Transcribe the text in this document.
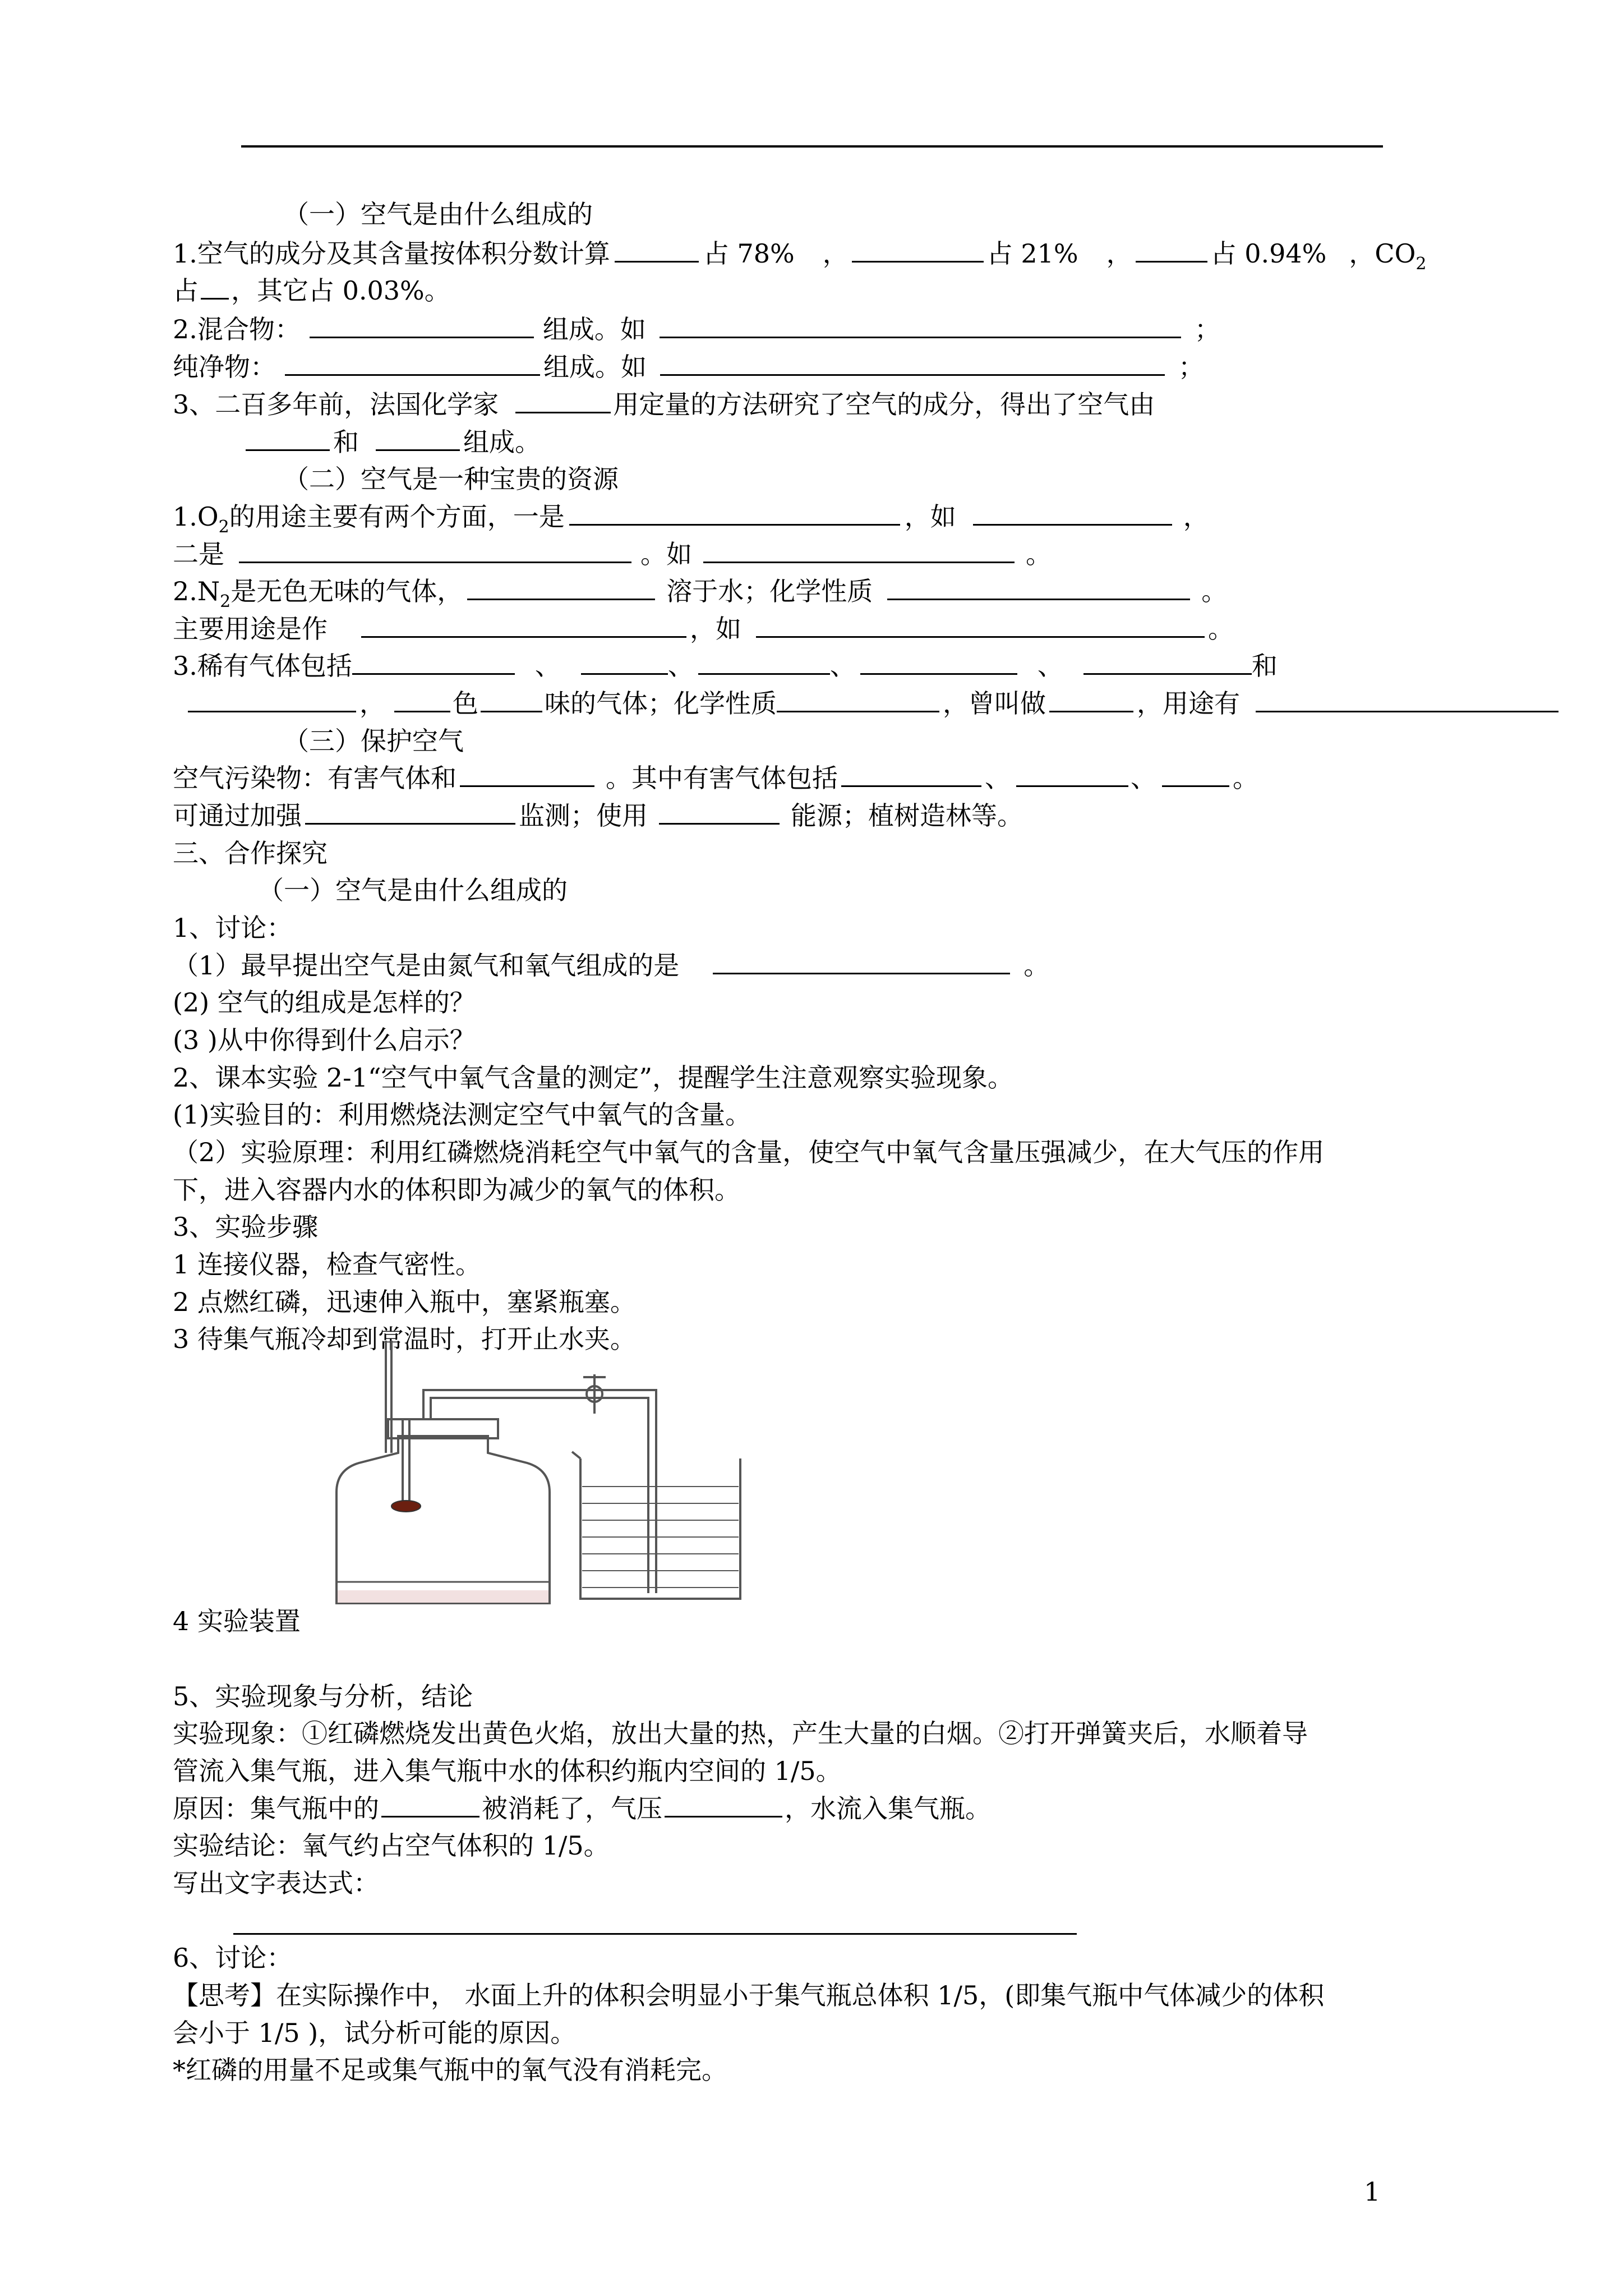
（一）空气是由什么组成的
1.空气的成分及其含量按体积分数计算	占 78% ，	占 21% ，	占 0.94% ，$CO_2$
占 ，其它占 0.03%。
2.混合物：	组成。如	；
纯净物：	组成。如	；
3、二百多年前，法国化学家	用定量的方法研究了空气的成分，得出了空气由
和	组成。
（二）空气是一种宝贵的资源
$1.O_2$的用途主要有两个方面，一是	，如	，
二是	。如	。
$2.N_2$是无色无味的气体，	溶于水；化学性质	。
主要用途是作	，如	。
3.稀有气体包括	、	、	、	、	和
，	色	味的气体；化学性质	，曾叫做	，用途有
（三）保护空气
空气污染物：有害气体和	。其中有害气体包括	、	、	。
可通过加强	监测；使用	能源；植树造林等。
三、合作探究
（一）空气是由什么组成的
1、讨论：
（1）最早提出空气是由氮气和氧气组成的是	。
(2) 空气的组成是怎样的？
(3 )从中你得到什么启示？
2、课本实验 2-1“空气中氧气含量的测定”，提醒学生注意观察实验现象。
(1)实验目的：利用燃烧法测定空气中氧气的含量。
（2）实验原理：利用红磷燃烧消耗空气中氧气的含量，使空气中氧气含量压强减少，在大气压的作用
下，进入容器内水的体积即为减少的氧气的体积。
3、实验步骤
1 连接仪器，检查气密性。
2 点燃红磷，迅速伸入瓶中，塞紧瓶塞。
3 待集气瓶冷却到常温时，打开止水夹。
4 实验装置
5、实验现象与分析，结论
实验现象：①红磷燃烧发出黄色火焰，放出大量的热，产生大量的白烟。②打开弹簧夹后，水顺着导
管流入集气瓶，进入集气瓶中水的体积约瓶内空间的 1/5。
原因：集气瓶中的	被消耗了，气压	，水流入集气瓶。
实验结论：氧气约占空气体积的 1/5。
写出文字表达式：
6、讨论：
【思考】在实际操作中， 水面上升的体积会明显小于集气瓶总体积 1/5，(即集气瓶中气体减少的体积
会小于 1/5 )，试分析可能的原因。
*红磷的用量不足或集气瓶中的氧气没有消耗完。
1
